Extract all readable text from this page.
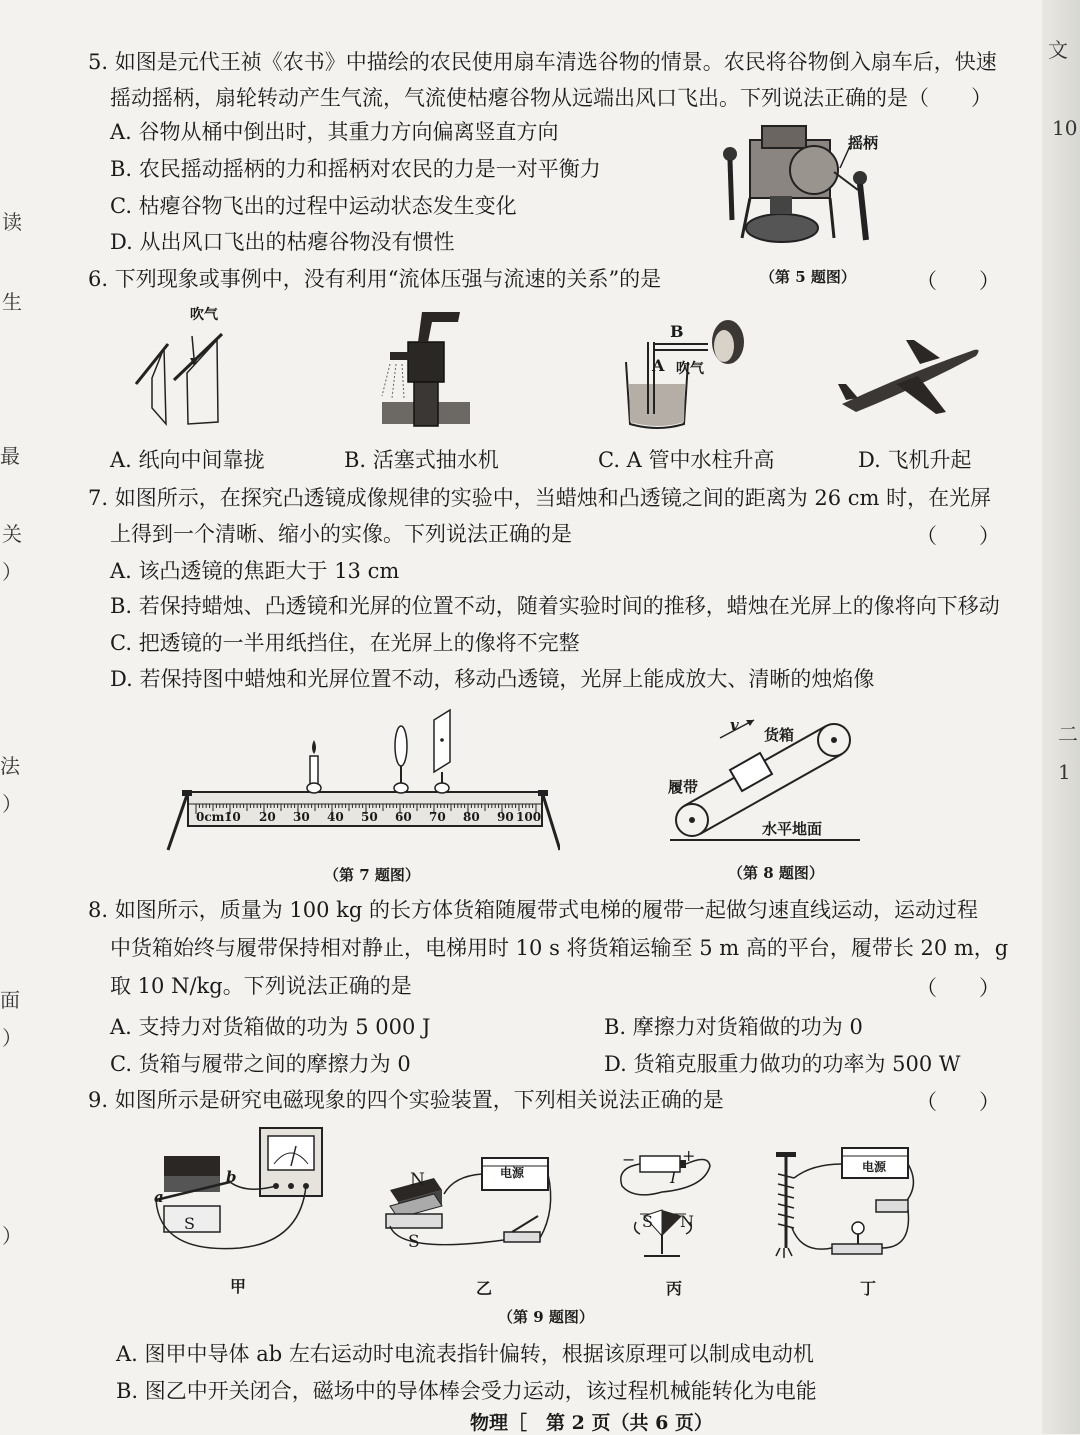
读
生
最
关
）
法
）
面
）
）
文
10
二
1
5. 如图是元代王祯《农书》中描绘的农民使用扇车清选谷物的情景。农民将谷物倒入扇车后，快速
摇动摇柄，扇轮转动产生气流，气流使枯瘪谷物从远端出风口飞出。下列说法正确的是（　　）
A. 谷物从桶中倒出时，其重力方向偏离竖直方向
B. 农民摇动摇柄的力和摇柄对农民的力是一对平衡力
C. 枯瘪谷物飞出的过程中运动状态发生变化
D. 从出风口飞出的枯瘪谷物没有惯性
摇柄
（第 5 题图）
6. 下列现象或事例中，没有利用“流体压强与流速的关系”的是	（　　）
吹气
B
A 吹气
A. 纸向中间靠拢	B. 活塞式抽水机	C. A 管中水柱升高	D. 飞机升起
7. 如图所示，在探究凸透镜成像规律的实验中，当蜡烛和凸透镜之间的距离为 26 cm 时，在光屏
上得到一个清晰、缩小的实像。下列说法正确的是	（　　）
A. 该凸透镜的焦距大于 13 cm
B. 若保持蜡烛、凸透镜和光屏的位置不动，随着实验时间的推移，蜡烛在光屏上的像将向下移动
C. 把透镜的一半用纸挡住，在光屏上的像将不完整
D. 若保持图中蜡烛和光屏位置不动，移动凸透镜，光屏上能成放大、清晰的烛焰像
0cm 10 20 30 40 50 60 70 80 90 100
（第 7 题图）
v
货箱
履带
水平地面
（第 8 题图）
8. 如图所示，质量为 100 kg 的长方体货箱随履带式电梯的履带一起做匀速直线运动，运动过程
中货箱始终与履带保持相对静止，电梯用时 10 s 将货箱运输至 5 m 高的平台，履带长 20 m，g
取 10 N/kg。下列说法正确的是	（　　）
A. 支持力对货箱做的功为 5 000 J	B. 摩擦力对货箱做的功为 0
C. 货箱与履带之间的摩擦力为 0	D. 货箱克服重力做功的功率为 500 W
9. 如图所示是研究电磁现象的四个实验装置，下列相关说法正确的是	（　　）
a
b
S
N
S
电源
−	+
I
S N
电源
甲	乙	丙	丁
（第 9 题图）
A. 图甲中导体 ab 左右运动时电流表指针偏转，根据该原理可以制成电动机
B. 图乙中开关闭合，磁场中的导体棒会受力运动，该过程机械能转化为电能
物理［　第 2 页（共 6 页）
